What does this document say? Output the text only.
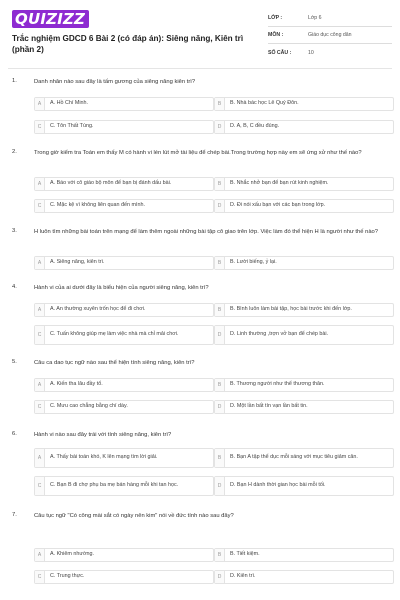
QUIZIZZ
Trắc nghiệm GDCD 6 Bài 2 (có đáp án): Siêng năng, Kiên trì (phần 2)
LỚP :	Lớp 6
MÔN :	Giáo dục công dân
SỐ CÂU :	10
1.	Danh nhân nào sau đây là tấm gương của siêng năng kiên trì?
A	A. Hồ Chí Minh.	B	B. Nhà bác học Lê Quý Đôn.
C	C. Tôn Thất Tùng.	D	D. A, B, C đều đúng.
2.	Trong giờ kiểm tra Toán em thấy M có hành vi lén lút mở tài liệu để chép bài.Trong trường hợp này em sẽ ứng xử như thế nào?
A	A. Báo với cô giáo bộ môn để bạn bị đánh dấu bài.	B	B. Nhắc nhở bạn để bạn rút kinh nghiệm.
C	C. Mặc kệ vì không liên quan đến mình.	D	D. Đi nói xấu bạn với các bạn trong lớp.
3.	H luôn tìm những bài toán trên mạng để làm thêm ngoài những bài tập cô giao trên lớp. Việc làm đó thể hiện H là người như thế nào?
A	A. Siêng năng, kiên trì.	B	B. Lười biếng, ỷ lại.
4.	Hành vi của ai dưới đây là biểu hiện của người siêng năng, kiên trì?
A	A. An thường xuyên trốn học để đi chơi.	B	B. Bình luôn làm bài tập, học bài trước khi đến lớp.
C	C. Tuấn không giúp mẹ làm việc nhà mà chỉ mải chơi.	D	D. Linh thường ,trợn vở bạn để chép bài.
5.	Câu ca dao tục ngữ nào sau thể hiện tính siêng năng, kiên trì?
A	A. Kiến tha lâu đầy tổ.	B	B. Thương người như thể thương thân.
C	C. Mưu cao chẳng bằng chí dày.	D	D. Một lần bất tín vạn lần bất tin.
6.	Hành vi nào sau đây trái với tính siêng năng, kiên trì?
A	A. Thấy bài toán khó, K lên mạng tìm lời giải.	B	B. Bạn A tập thể dục mỗi sáng với mục tiêu giảm cân.
C	C. Bạn B đi chợ phụ ba mẹ bán hàng mỗi khi tan học.	D	D. Bạn H dành thời gian học bài mỗi tối.
7.	Câu tục ngữ "Có công mài sắt có ngày nên kim" nói về đức tính nào sau đây?
A	A. Khiêm nhường.	B	B. Tiết kiệm.
C	C. Trung thực.	D	D. Kiên trì.
